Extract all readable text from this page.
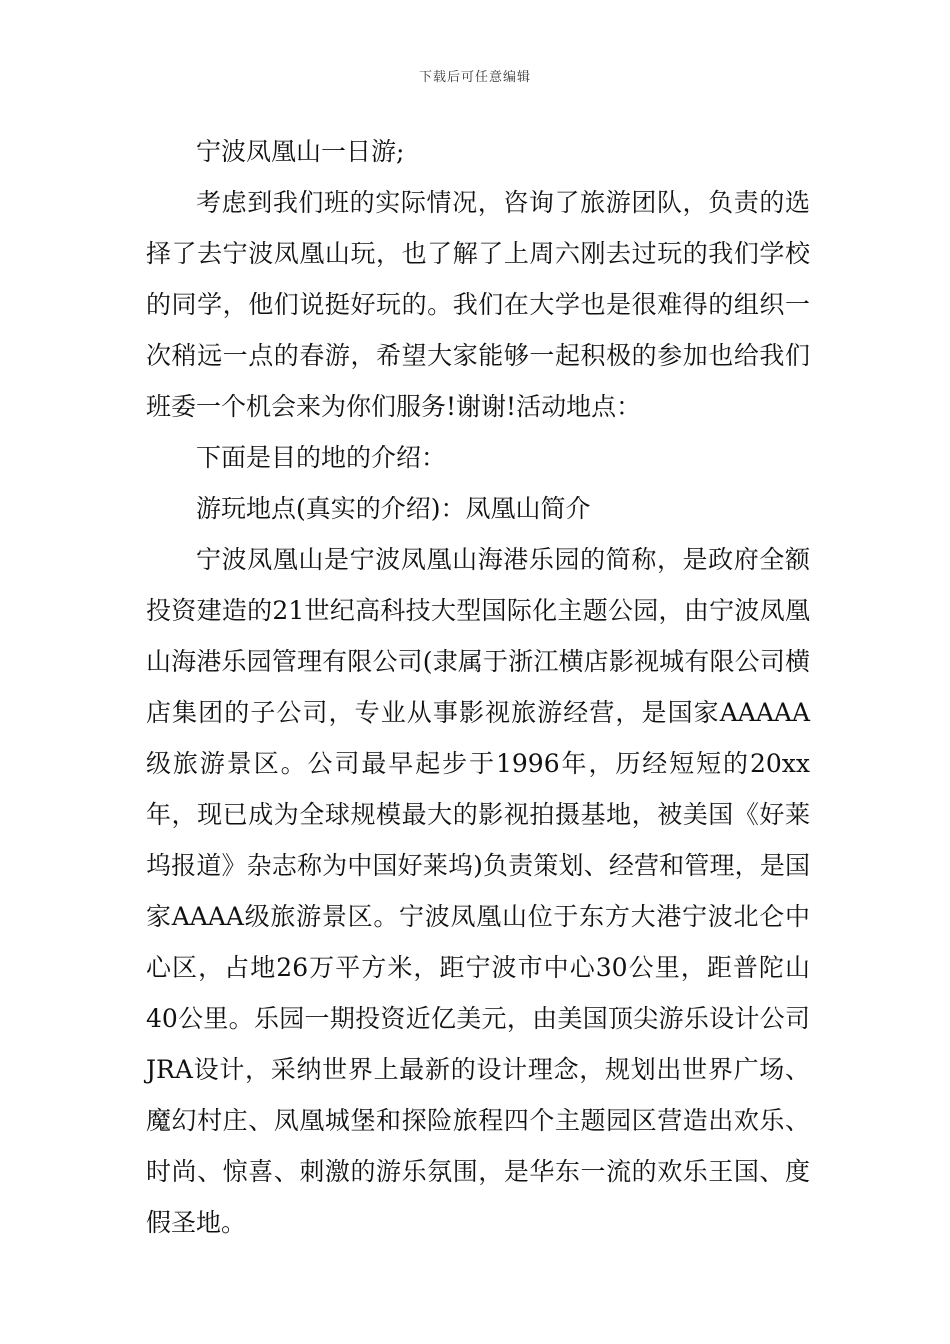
下载后可任意编辑

宁波凤凰山一日游;

考虑到我们班的实际情况，咨询了旅游团队，负责的选择了去宁波凤凰山玩，也了解了上周六刚去过玩的我们学校的同学，他们说挺好玩的。我们在大学也是很难得的组织一次稍远一点的春游，希望大家能够一起积极的参加也给我们班委一个机会来为你们服务!谢谢!活动地点：

下面是目的地的介绍：

游玩地点(真实的介绍)：凤凰山简介

宁波凤凰山是宁波凤凰山海港乐园的简称，是政府全额投资建造的21世纪高科技大型国际化主题公园，由宁波凤凰山海港乐园管理有限公司(隶属于浙江横店影视城有限公司横店集团的子公司，专业从事影视旅游经营，是国家AAAAA级旅游景区。公司最早起步于1996年，历经短短的20xx年，现已成为全球规模最大的影视拍摄基地，被美国《好莱坞报道》杂志称为中国好莱坞)负责策划、经营和管理，是国家AAAA级旅游景区。宁波凤凰山位于东方大港宁波北仑中心区，占地26万平方米，距宁波市中心30公里，距普陀山40公里。乐园一期投资近亿美元，由美国顶尖游乐设计公司JRA设计，采纳世界上最新的设计理念，规划出世界广场、魔幻村庄、凤凰城堡和探险旅程四个主题园区营造出欢乐、时尚、惊喜、刺激的游乐氛围，是华东一流的欢乐王国、度假圣地。
